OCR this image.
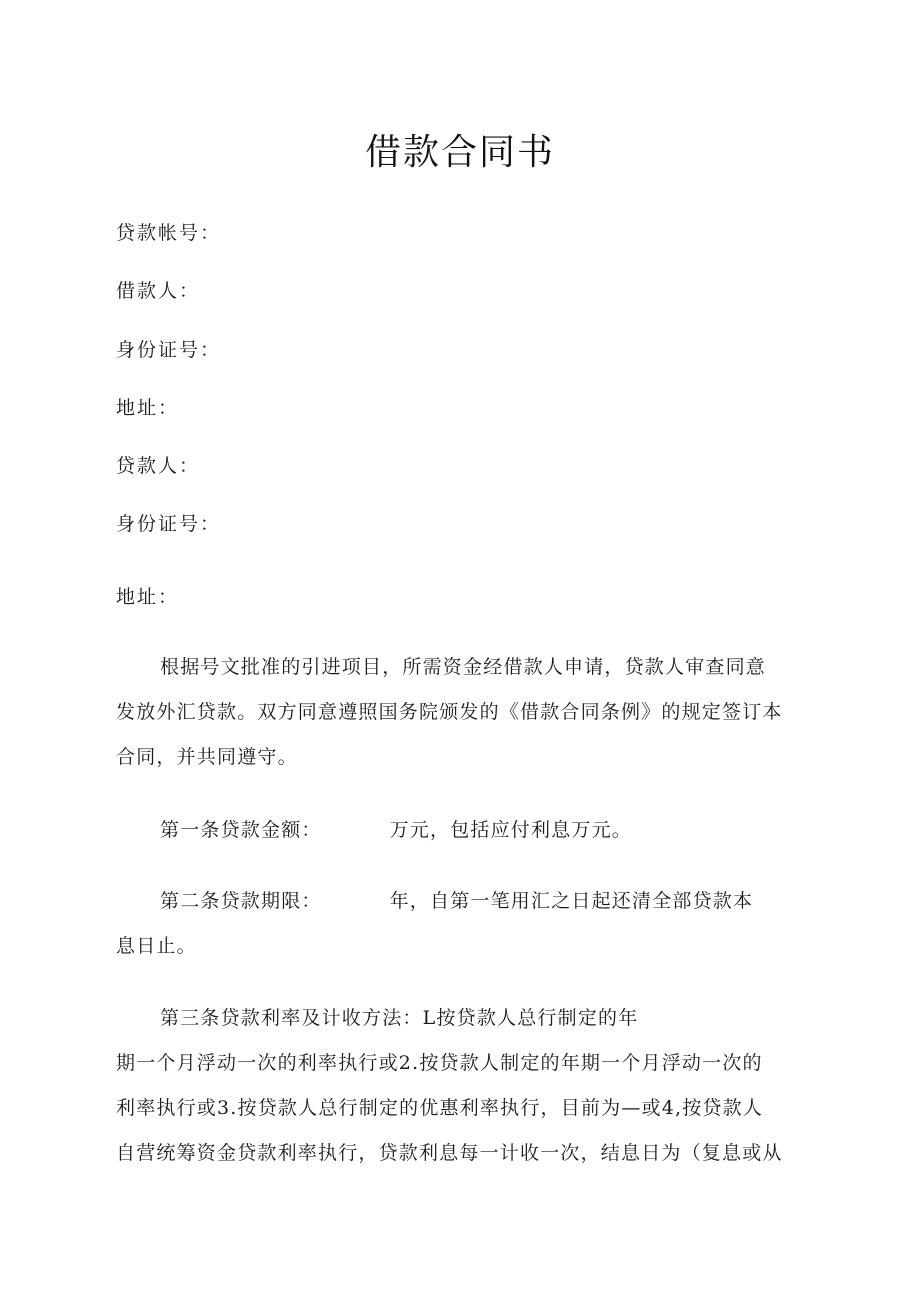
借款合同书
贷款帐号：
借款人：
身份证号：
地址：
贷款人：
身份证号：
地址：
根据号文批准的引进项目，所需资金经借款人申请，贷款人审查同意
发放外汇贷款。双方同意遵照国务院颁发的《借款合同条例》的规定签订本
合同，并共同遵守。
第一条贷款金额：	万元，包括应付利息万元。
第二条贷款期限：	年，自第一笔用汇之日起还清全部贷款本
息日止。
第三条贷款利率及计收方法：L按贷款人总行制定的年
期一个月浮动一次的利率执行或2.按贷款人制定的年期一个月浮动一次的
利率执行或3.按贷款人总行制定的优惠利率执行，目前为—或4,按贷款人
自营统筹资金贷款利率执行，贷款利息每一计收一次，结息日为（复息或从
